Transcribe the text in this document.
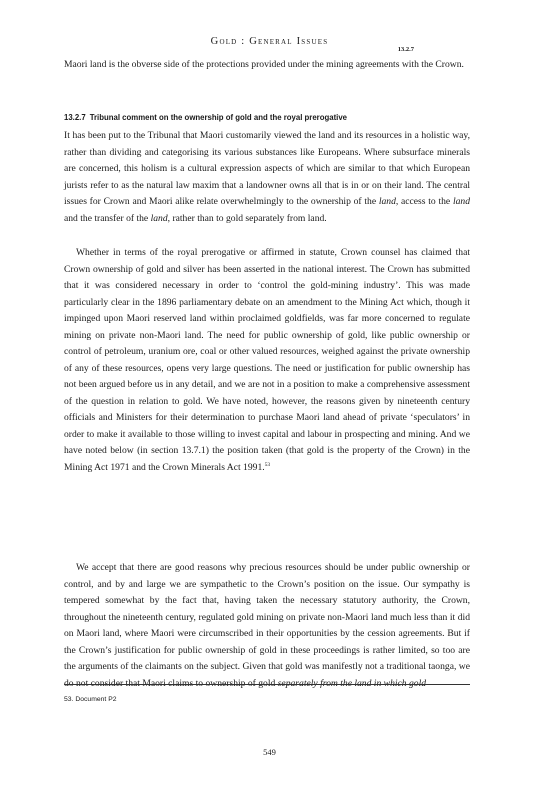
Gold : General Issues
13.2.7

Maori land is the obverse side of the protections provided under the mining agreements with the Crown.

13.2.7 Tribunal comment on the ownership of gold and the royal prerogative

It has been put to the Tribunal that Maori customarily viewed the land and its resources in a holistic way, rather than dividing and categorising its various substances like Europeans. Where subsurface minerals are concerned, this holism is a cultural expression aspects of which are similar to that which European jurists refer to as the natural law maxim that a landowner owns all that is in or on their land. The central issues for Crown and Maori alike relate overwhelmingly to the ownership of the land, access to the land and the transfer of the land, rather than to gold separately from land.

Whether in terms of the royal prerogative or affirmed in statute, Crown counsel has claimed that Crown ownership of gold and silver has been asserted in the national interest. The Crown has submitted that it was considered necessary in order to ‘control the gold-mining industry’. This was made particularly clear in the 1896 parliamentary debate on an amendment to the Mining Act which, though it impinged upon Maori reserved land within proclaimed goldfields, was far more concerned to regulate mining on private non-Maori land. The need for public ownership of gold, like public ownership or control of petroleum, uranium ore, coal or other valued resources, weighed against the private ownership of any of these resources, opens very large questions. The need or justification for public ownership has not been argued before us in any detail, and we are not in a position to make a comprehensive assessment of the question in relation to gold. We have noted, however, the reasons given by nineteenth century officials and Ministers for their determination to purchase Maori land ahead of private ‘speculators’ in order to make it available to those willing to invest capital and labour in prospecting and mining. And we have noted below (in section 13.7.1) the position taken (that gold is the property of the Crown) in the Mining Act 1971 and the Crown Minerals Act 1991.53

We accept that there are good reasons why precious resources should be under public ownership or control, and by and large we are sympathetic to the Crown’s position on the issue. Our sympathy is tempered somewhat by the fact that, having taken the necessary statutory authority, the Crown, throughout the nineteenth century, regulated gold mining on private non-Maori land much less than it did on Maori land, where Maori were circumscribed in their opportunities by the cession agreements. But if the Crown’s justification for public ownership of gold in these proceedings is rather limited, so too are the arguments of the claimants on the subject. Given that gold was manifestly not a traditional taonga, we do not consider that Maori claims to ownership of gold separately from the land in which gold

53. Document P2
549
